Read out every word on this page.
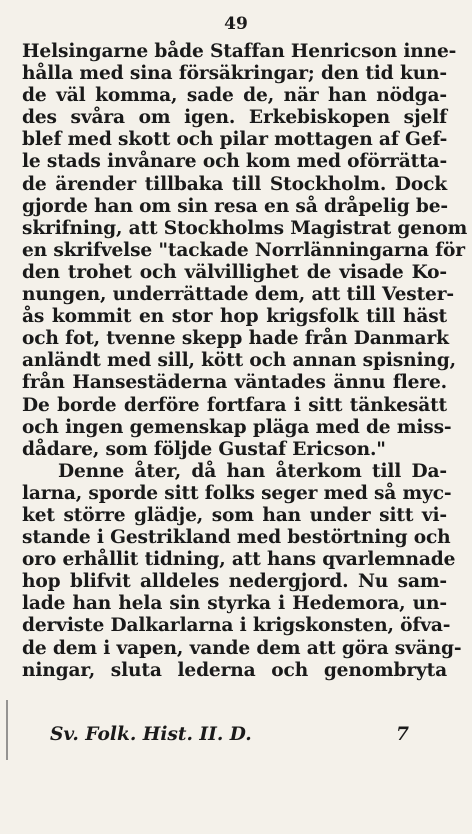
49
Helsingarne både Staffan Henricson inne-
hålla med sina försäkringar; den tid kun-
de väl komma, sade de, när han nödga-
des svåra om igen. Erkebiskopen sjelf
blef med skott och pilar mottagen af Gef-
le stads invånare och kom med oförrätta-
de ärender tillbaka till Stockholm. Dock
gjorde han om sin resa en så dråpelig be-
skrifning, att Stockholms Magistrat genom
en skrifvelse "tackade Norrlänningarna för
den trohet och välvillighet de visade Ko-
nungen, underrättade dem, att till Vester-
ås kommit en stor hop krigsfolk till häst
och fot, tvenne skepp hade från Danmark
anländt med sill, kött och annan spisning,
från Hansestäderna väntades ännu flere.
De borde derföre fortfara i sitt tänkesätt
och ingen gemenskap pläga med de miss-
dådare, som följde Gustaf Ericson."
Denne åter, då han återkom till Da-
larna, sporde sitt folks seger med så myc-
ket större glädje, som han under sitt vi-
stande i Gestrikland med bestörtning och
oro erhållit tidning, att hans qvarlemnade
hop blifvit alldeles nedergjord. Nu sam-
lade han hela sin styrka i Hedemora, un-
derviste Dalkarlarna i krigskonsten, öfva-
de dem i vapen, vande dem att göra sväng-
ningar, sluta lederna och genombryta
Sv. Folk. Hist. II. D.	7
